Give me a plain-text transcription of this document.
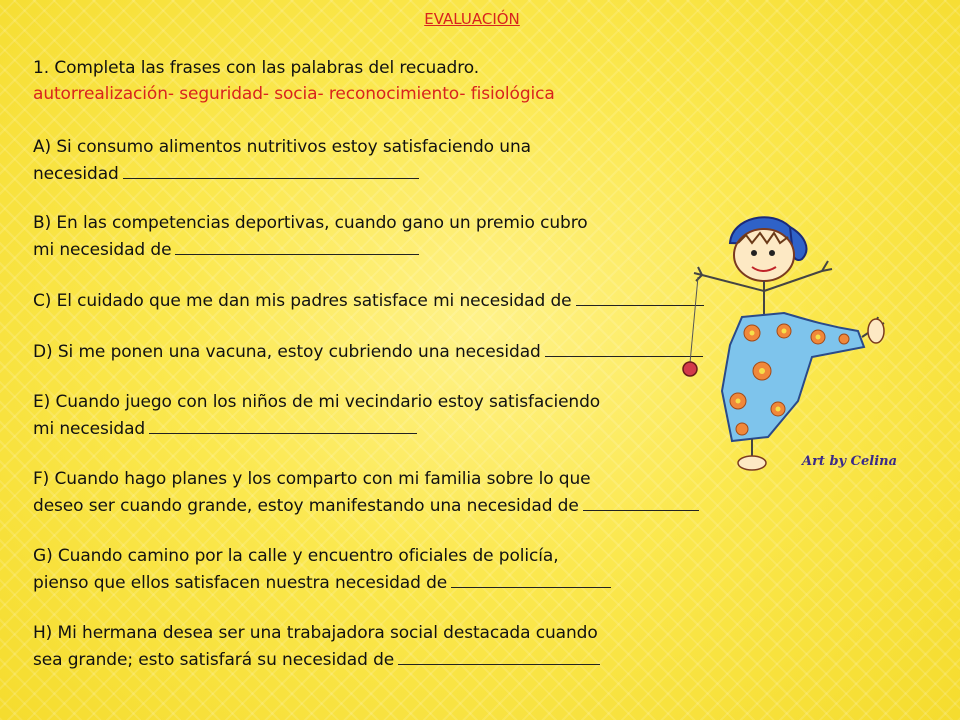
EVALUACIÓN
1. Completa las frases con las palabras del recuadro.
autorrealización- seguridad- socia- reconocimiento- fisiológica
A) Si consumo alimentos nutritivos estoy satisfaciendo una
necesidad
B) En las competencias deportivas, cuando gano un premio cubro
mi necesidad de
C) El cuidado que me dan mis padres satisface mi necesidad de
D) Si me ponen una vacuna, estoy cubriendo una necesidad
E) Cuando juego con los niños de mi vecindario estoy satisfaciendo
mi necesidad
F) Cuando hago planes y los comparto con mi familia sobre lo que
deseo ser cuando grande, estoy manifestando una necesidad de
G) Cuando camino por la calle y encuentro oficiales de policía,
pienso que ellos satisfacen nuestra necesidad de
H) Mi hermana desea ser una trabajadora social destacada cuando
sea grande; esto satisfará su necesidad de
Art by Celina
